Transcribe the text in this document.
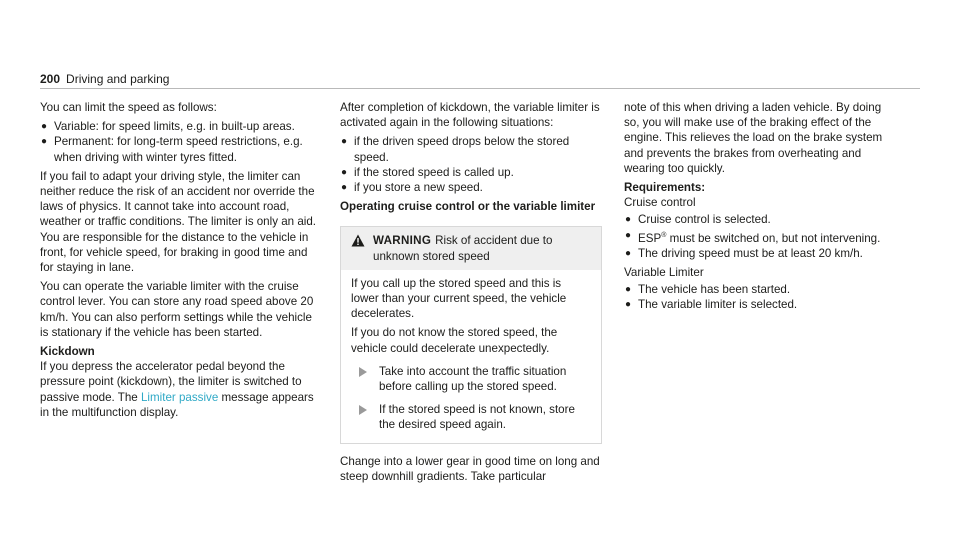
200 Driving and parking

You can limit the speed as follows:

● Variable: for speed limits, e.g. in built-up areas.
● Permanent: for long-term speed restrictions, e.g. when driving with winter tyres fitted.

If you fail to adapt your driving style, the limiter can neither reduce the risk of an accident nor override the laws of physics. It cannot take into account road, weather or traffic conditions. The limiter is only an aid. You are responsible for the distance to the vehicle in front, for vehicle speed, for braking in good time and for staying in lane.

You can operate the variable limiter with the cruise control lever. You can store any road speed above 20 km/h. You can also perform settings while the vehicle is stationary if the vehicle has been started.

Kickdown

If you depress the accelerator pedal beyond the pressure point (kickdown), the limiter is switched to passive mode. The Limiter passive message appears in the multifunction display.

After completion of kickdown, the variable limiter is activated again in the following situations:

● if the driven speed drops below the stored speed.
● if the stored speed is called up.
● if you store a new speed.

Operating cruise control or the variable limiter

WARNING Risk of accident due to unknown stored speed

If you call up the stored speed and this is lower than your current speed, the vehicle decelerates.

If you do not know the stored speed, the vehicle could decelerate unexpectedly.

Take into account the traffic situation before calling up the stored speed.
If the stored speed is not known, store the desired speed again.

Change into a lower gear in good time on long and steep downhill gradients. Take particular

note of this when driving a laden vehicle. By doing so, you will make use of the braking effect of the engine. This relieves the load on the brake system and prevents the brakes from overheating and wearing too quickly.

Requirements:

Cruise control

● Cruise control is selected.
● ESP® must be switched on, but not intervening.
● The driving speed must be at least 20 km/h.

Variable Limiter

● The vehicle has been started.
● The variable limiter is selected.
